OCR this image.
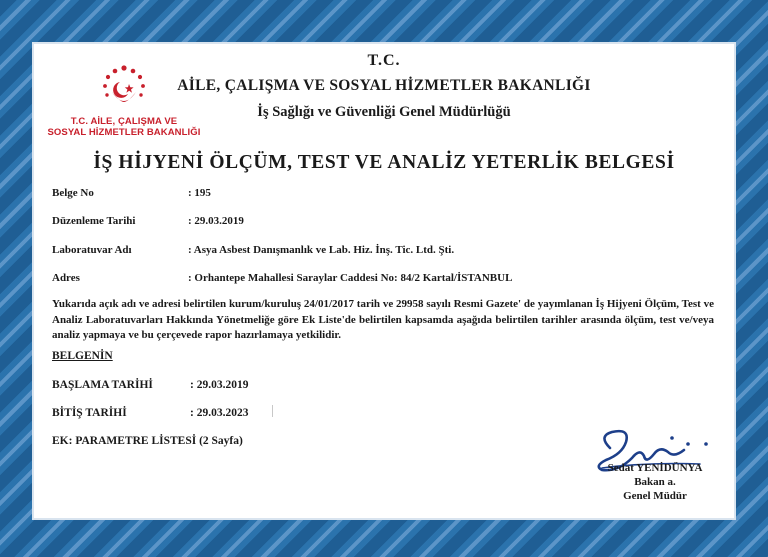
T.C. AİLE, ÇALIŞMA VE
SOSYAL HİZMETLER BAKANLIĞI
T.C.
AİLE, ÇALIŞMA VE SOSYAL HİZMETLER BAKANLIĞI
İş Sağlığı ve Güvenliği Genel Müdürlüğü
İŞ HİJYENİ ÖLÇÜM, TEST VE ANALİZ YETERLİK BELGESİ
Belge No	: 195
Düzenleme Tarihi	: 29.03.2019
Laboratuvar Adı	: Asya Asbest Danışmanlık ve Lab. Hiz. İnş. Tic. Ltd. Şti.
Adres	: Orhantepe Mahallesi Saraylar Caddesi No: 84/2 Kartal/İSTANBUL
Yukarıda açık adı ve adresi belirtilen kurum/kuruluş 24/01/2017 tarih ve 29958 sayılı Resmi Gazete' de yayımlanan İş Hijyeni Ölçüm, Test ve Analiz Laboratuvarları Hakkında Yönetmeliğe göre Ek Liste'de belirtilen kapsamda aşağıda belirtilen tarihler arasında ölçüm, test ve/veya analiz yapmaya ve bu çerçevede rapor hazırlamaya yetkilidir.
BELGENİN
BAŞLAMA TARİHİ	: 29.03.2019
BİTİŞ TARİHİ	: 29.03.2023
EK: PARAMETRE LİSTESİ (2 Sayfa)
Sedat YENİDÜNYA
Bakan a.
Genel Müdür
